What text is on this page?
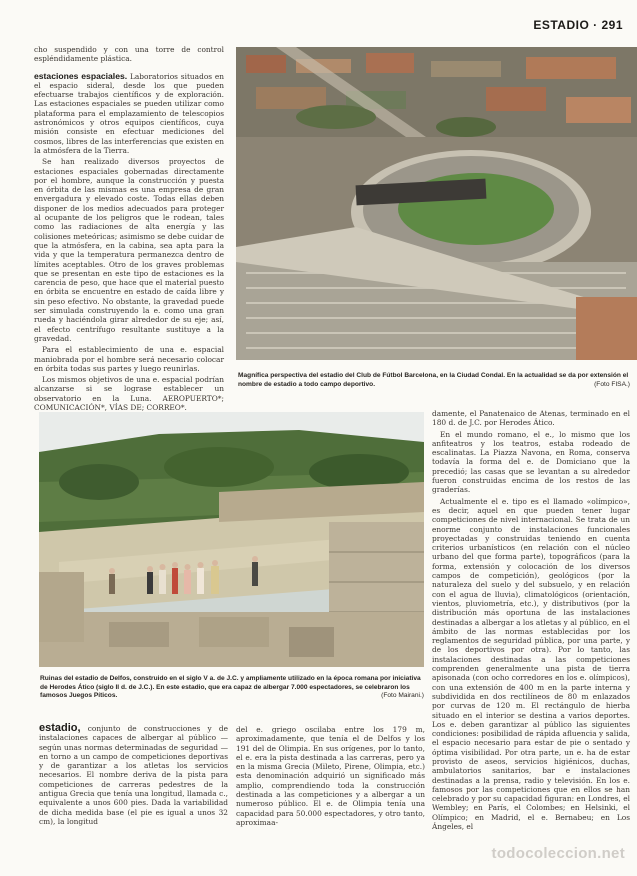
ESTADIO · 291

cho suspendido y con una torre de control espléndidamente plástica.

estaciones espaciales. Laboratorios situados en el espacio sideral, desde los que pueden efectuarse trabajos científicos y de exploración. Las estaciones espaciales se pueden utilizar como plataforma para el emplazamiento de telescopios astronómicos y otros equipos científicos, cuya misión consiste en efectuar mediciones del cosmos, libres de las interferencias que existen en la atmósfera de la Tierra.

Se han realizado diversos proyectos de estaciones espaciales gobernadas directamente por el hombre, aunque la construcción y puesta en órbita de las mismas es una empresa de gran envergadura y elevado coste. Todas ellas deben disponer de los medios adecuados para proteger al ocupante de los peligros que le rodean, tales como las radiaciones de alta energía y las colisiones meteóricas; asimismo se debe cuidar de que la atmósfera, en la cabina, sea apta para la vida y que la temperatura permanezca dentro de límites aceptables. Otro de los graves problemas que se presentan en este tipo de estaciones es la carencia de peso, que hace que el material puesto en órbita se encuentre en estado de caída libre y sin peso efectivo. No obstante, la gravedad puede ser simulada construyendo la e. como una gran rueda y haciéndola girar alrededor de su eje; así, el efecto centrífugo resultante sustituye a la gravedad.

Para el establecimiento de una e. espacial maniobrada por el hombre será necesario colocar en órbita todas sus partes y luego reunirlas.

Los mismos objetivos de una e. espacial podrían alcanzarse si se lograse establecer un observatorio en la Luna. AEROPUERTO*; COMUNICACIÓN*, VÍAS DE; CORREO*.

Magnífica perspectiva del estadio del Club de Fútbol Barcelona, en la Ciudad Condal. En la actualidad se da por extensión el nombre de estadio a todo campo deportivo.	(Foto FISA.)
Ruinas del estadio de Delfos, construido en el siglo V a. de J.C. y ampliamente utilizado en la época romana por iniciativa de Herodes Ático (siglo II d. de J.C.). En este estadio, que era capaz de albergar 7.000 espectadores, se celebraron los famosos Juegos Píticos.	(Foto Mairani.)

damente, el Panatenaico de Atenas, terminado en el 180 d. de J.C. por Herodes Ático.

En el mundo romano, el e., lo mismo que los anfiteatros y los teatros, estaba rodeado de escalinatas. La Piazza Navona, en Roma, conserva todavía la forma del e. de Domiciano que la precedió; las casas que se levantan a su alrededor fueron construidas encima de los restos de las graderías.

Actualmente el e. tipo es el llamado «olímpico», es decir, aquel en que pueden tener lugar competiciones de nivel internacional. Se trata de un enorme conjunto de instalaciones funcionales proyectadas y construidas teniendo en cuenta criterios urbanísticos (en relación con el núcleo urbano del que forma parte), topográficos (para la forma, extensión y colocación de los diversos campos de competición), geológicos (por la naturaleza del suelo y del subsuelo, y en relación con el agua de lluvia), climatológicos (orientación, vientos, pluviometría, etc.), y distributivos (por la distribución más oportuna de las instalaciones destinadas a albergar a los atletas y al público, en el ámbito de las normas establecidas por los reglamentos de seguridad pública, por una parte, y de los deportivos por otra). Por lo tanto, las instalaciones destinadas a las competiciones comprenden generalmente una pista de tierra apisonada (con ocho corredores en los e. olímpicos), con una extensión de 400 m en la parte interna y subdividida en dos rectilíneos de 80 m enlazados por curvas de 120 m. El rectángulo de hierba situado en el interior se destina a varios deportes. Los e. deben garantizar al público las siguientes condiciones: posibilidad de rápida afluencia y salida, el espacio necesario para estar de pie o sentado y óptima visibilidad. Por otra parte, un e. ha de estar provisto de aseos, servicios higiénicos, duchas, ambulatorios sanitarios, bar e instalaciones destinadas a la prensa, radio y televisión. En los e. famosos por las competiciones que en ellos se han celebrado y por su capacidad figuran: en Londres, el Wembley; en París, el Colombes; en Helsinki, el Olímpico; en Madrid, el e. Bernabeu; en Los Ángeles, el

estadio, conjunto de construcciones y de instalaciones capaces de albergar al público — según unas normas determinadas de seguridad — en torno a un campo de competiciones deportivas y de garantizar a los atletas los servicios necesarios. El nombre deriva de la pista para competiciones de carreras pedestres de la antigua Grecia que tenía una longitud, llamada c., equivalente a unos 600 pies. Dada la variabilidad de dicha medida base (el pie es igual a unos 32 cm), la longitud

del e. griego oscilaba entre los 179 m, aproximadamente, que tenía el de Delfos y los 191 del de Olimpia. En sus orígenes, por lo tanto, el e. era la pista destinada a las carreras, pero ya en la misma Grecia (Mileto, Pirene, Olimpia, etc.) esta denominación adquirió un significado más amplio, comprendiendo toda la construcción destinada a las competiciones y a albergar a un numeroso público. El e. de Olimpia tenía una capacidad para 50.000 espectadores, y otro tanto, aproximaa-

todocoleccion.net
